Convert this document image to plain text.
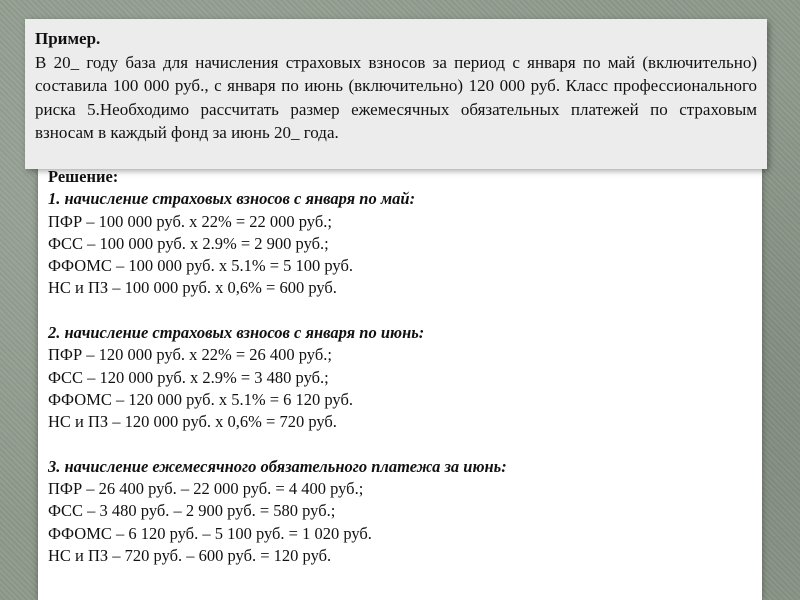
Пример.

В 20_ году база для начисления страховых взносов за период с января по май (включительно) составила 100 000 руб., с января по июнь (включительно) 120 000 руб. Класс профессионального риска 5.Необходимо рассчитать размер ежемесячных обязательных платежей по страховым взносам в каждый фонд за июнь 20_ года.

Решение:
1. начисление страховых взносов с января по май:
ПФР – 100 000 руб. х 22% = 22 000 руб.;
ФСС – 100 000 руб. х 2.9% = 2 900 руб.;
ФФОМС – 100 000 руб. х 5.1% = 5 100 руб.
НС и ПЗ – 100 000 руб. х 0,6% = 600 руб.
2. начисление страховых взносов с января по июнь:
ПФР – 120 000 руб. х 22% = 26 400 руб.;
ФСС – 120 000 руб. х 2.9% = 3 480 руб.;
ФФОМС – 120 000 руб. х 5.1% = 6 120 руб.
НС и ПЗ – 120 000 руб. х 0,6% = 720 руб.
3. начисление ежемесячного обязательного платежа за июнь:
ПФР – 26 400 руб. – 22 000 руб. = 4 400 руб.;
ФСС – 3 480 руб. – 2 900 руб. = 580 руб.;
ФФОМС – 6 120 руб. – 5 100 руб. = 1 020 руб.
НС и ПЗ – 720 руб. – 600 руб. = 120 руб.
